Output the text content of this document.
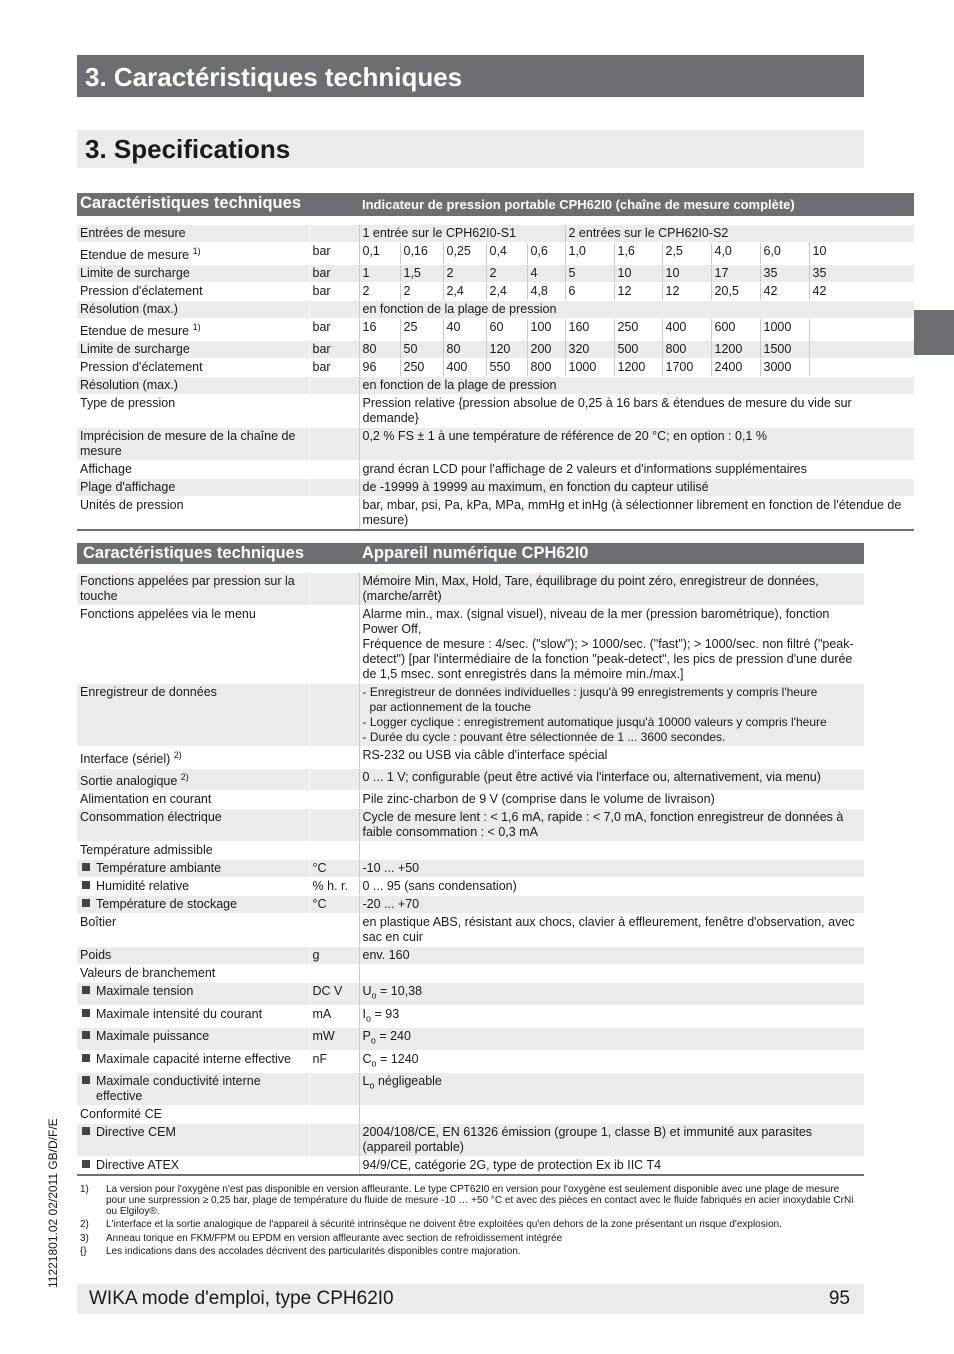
3. Caractéristiques techniques
3. Specifications
Caractéristiques techniques		Indicateur de pression portable CPH62I0 (chaîne de mesure complète)										

Entrées de mesure		1 entrée sur le CPH62I0-S1					2 entrées sur le CPH62I0-S2					
Etendue de mesure $^{1)}$	bar	0,1	0,16	0,25	0,4	0,6	1,0	1,6	2,5	4,0	6,0	10
Limite de surcharge	bar	1	1,5	2	2	4	5	10	10	17	35	35
Pression d'éclatement	bar	2	2	2,4	2,4	4,8	6	12	12	20,5	42	42
Résolution (max.)		en fonction de la plage de pression										
Etendue de mesure $^{1)}$	bar	16	25	40	60	100	160	250	400	600	1000	
Limite de surcharge	bar	80	50	80	120	200	320	500	800	1200	1500	
Pression d'éclatement	bar	96	250	400	550	800	1000	1200	1700	2400	3000	
Résolution (max.)		en fonction de la plage de pression										
Type de pression		Pression relative {pression absolue de 0,25 à 16 bars & étendues de mesure du vide sur demande}										
Imprécision de mesure de la chaîne de mesure		0,2 % FS ± 1 à une température de référence de 20 °C; en option : 0,1 %										
Affichage		grand écran LCD pour l'affichage de 2 valeurs et d'informations supplémentaires										
Plage d'affichage		de -19999 à 19999 au maximum, en fonction du capteur utilisé										
Unités de pression		bar, mbar, psi, Pa, kPa, MPa, mmHg et inHg (à sélectionner librement en fonction de l'étendue de mesure)										
Caractéristiques techniques		Appareil numérique CPH62I0

Fonctions appelées par pression sur la touche		Mémoire Min, Max, Hold, Tare, équilibrage du point zéro, enregistreur de données, (marche/arrêt)
Fonctions appelées via le menu		Alarme min., max. (signal visuel), niveau de la mer (pression barométrique), fonction Power Off,
Fréquence de mesure : 4/sec. ("slow"); > 1000/sec. ("fast"); > 1000/sec. non filtré ("peak-detect") [par l'intermédiaire de la fonction "peak-detect", les pics de pression d'une durée de 1,5 msec. sont enregistrés dans la mémoire min./max.]

Enregistreur de données		- Enregistreur de données individuelles : jusqu'à 99 enregistrements y compris l'heure
par actionnement de la touche
- Logger cyclique : enregistrement automatique jusqu'à 10000 valeurs y compris l'heure
- Durée du cycle : pouvant être sélectionnée de 1 ... 3600 secondes.

Interface (sériel) $^{2)}$		RS-232 ou USB via câble d'interface spécial
Sortie analogique $^{2)}$		0 ... 1 V; configurable (peut être activé via l'interface ou, alternativement, via menu)
Alimentation en courant		Pile zinc-charbon de 9 V (comprise dans le volume de livraison)
Consommation électrique		Cycle de mesure lent : < 1,6 mA, rapide : < 7,0 mA, fonction enregistreur de données à faible consommation : < 0,3 mA
Température admissible		
Température ambiante	°C	-10 ... +50
Humidité relative	% h. r.	0 ... 95 (sans condensation)
Température de stockage	°C	-20 ... +70
Boîtier		en plastique ABS, résistant aux chocs, clavier à effleurement, fenêtre d'observation, avec sac en cuir
Poids	g	env. 160
Valeurs de branchement		
Maximale tension	DC V	$U_o = 10,38$
Maximale intensité du courant	mA	$I_o = 93$
Maximale puissance	mW	$P_o = 240$
Maximale capacité interne effective	nF	$C_o = 1240$
Maximale conductivité interne effective		$L_o$ négligeable
Conformité CE		
Directive CEM		2004/108/CE, EN 61326 émission (groupe 1, classe B) et immunité aux parasites (appareil portable)
Directive ATEX		94/9/CE, catégorie 2G, type de protection Ex ib IIC T4
1) La version pour l'oxygène n'est pas disponible en version affleurante. Le type CPT62I0 en version pour l'oxygène est seulement disponible avec une plage de mesure pour une surpression ≥ 0,25 bar, plage de température du fluide de mesure -10 … +50 °C et avec des pièces en contact avec le fluide fabriqués en acier inoxydable CrNi ou Elgiloy®.
2) L'interface et la sortie analogique de l'appareil à sécurité intrinsèque ne doivent être exploitées qu'en dehors de la zone présentant un risque d'explosion.
3) Anneau torique en FKM/FPM ou EPDM en version affleurante avec section de refroidissement intégrée
{} Les indications dans des accolades décrivent des particularités disponibles contre majoration.
11221801.02 02/2011 GB/D/F/E
WIKA mode d'emploi, type CPH62I0	95
